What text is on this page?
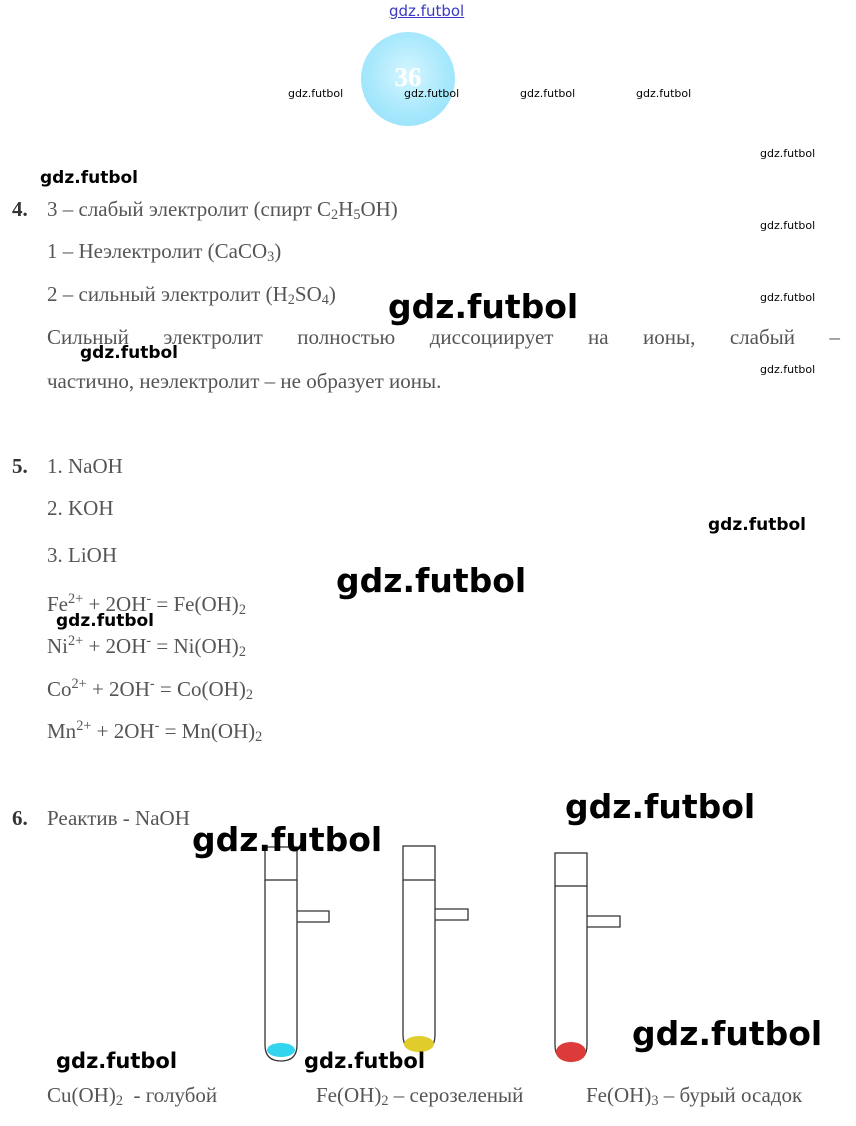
gdz.futbol
36
gdz.futbol	gdz.futbol	gdz.futbol	gdz.futbol
gdz.futbol
gdz.futbol
gdz.futbol
gdz.futbol
4. 3 – слабый электролит (спирт $C_2H_5OH$)
1 – Неэлектролит (CaCO$_3$)
2 – сильный электролит $(H_2SO_4)$
Сильный электролит полностью диссоциирует на ионы, слабый –
частично, неэлектролит – не образует ионы.
gdz.futbol
gdz.futbol
gdz.futbol
5. 1. NaOH
2. KOH
3. LiOH
$Fe^{2+} + 2OH^- = Fe(OH)_2$
$Ni^{2+} + 2OH^- = Ni(OH)_2$
$Co^{2+} + 2OH^- = Co(OH)_2$
$Mn^{2+} + 2OH^- = Mn(OH)_2$
gdz.futbol
gdz.futbol
gdz.futbol
6. Реактив - NaOH
$Cu(OH)_2$  - голубой	$Fe(OH)_2$ – серозеленый	$Fe(OH)_3$ – бурый осадок
gdz.futbol
gdz.futbol
gdz.futbol
gdz.futbol	gdz.futbol
